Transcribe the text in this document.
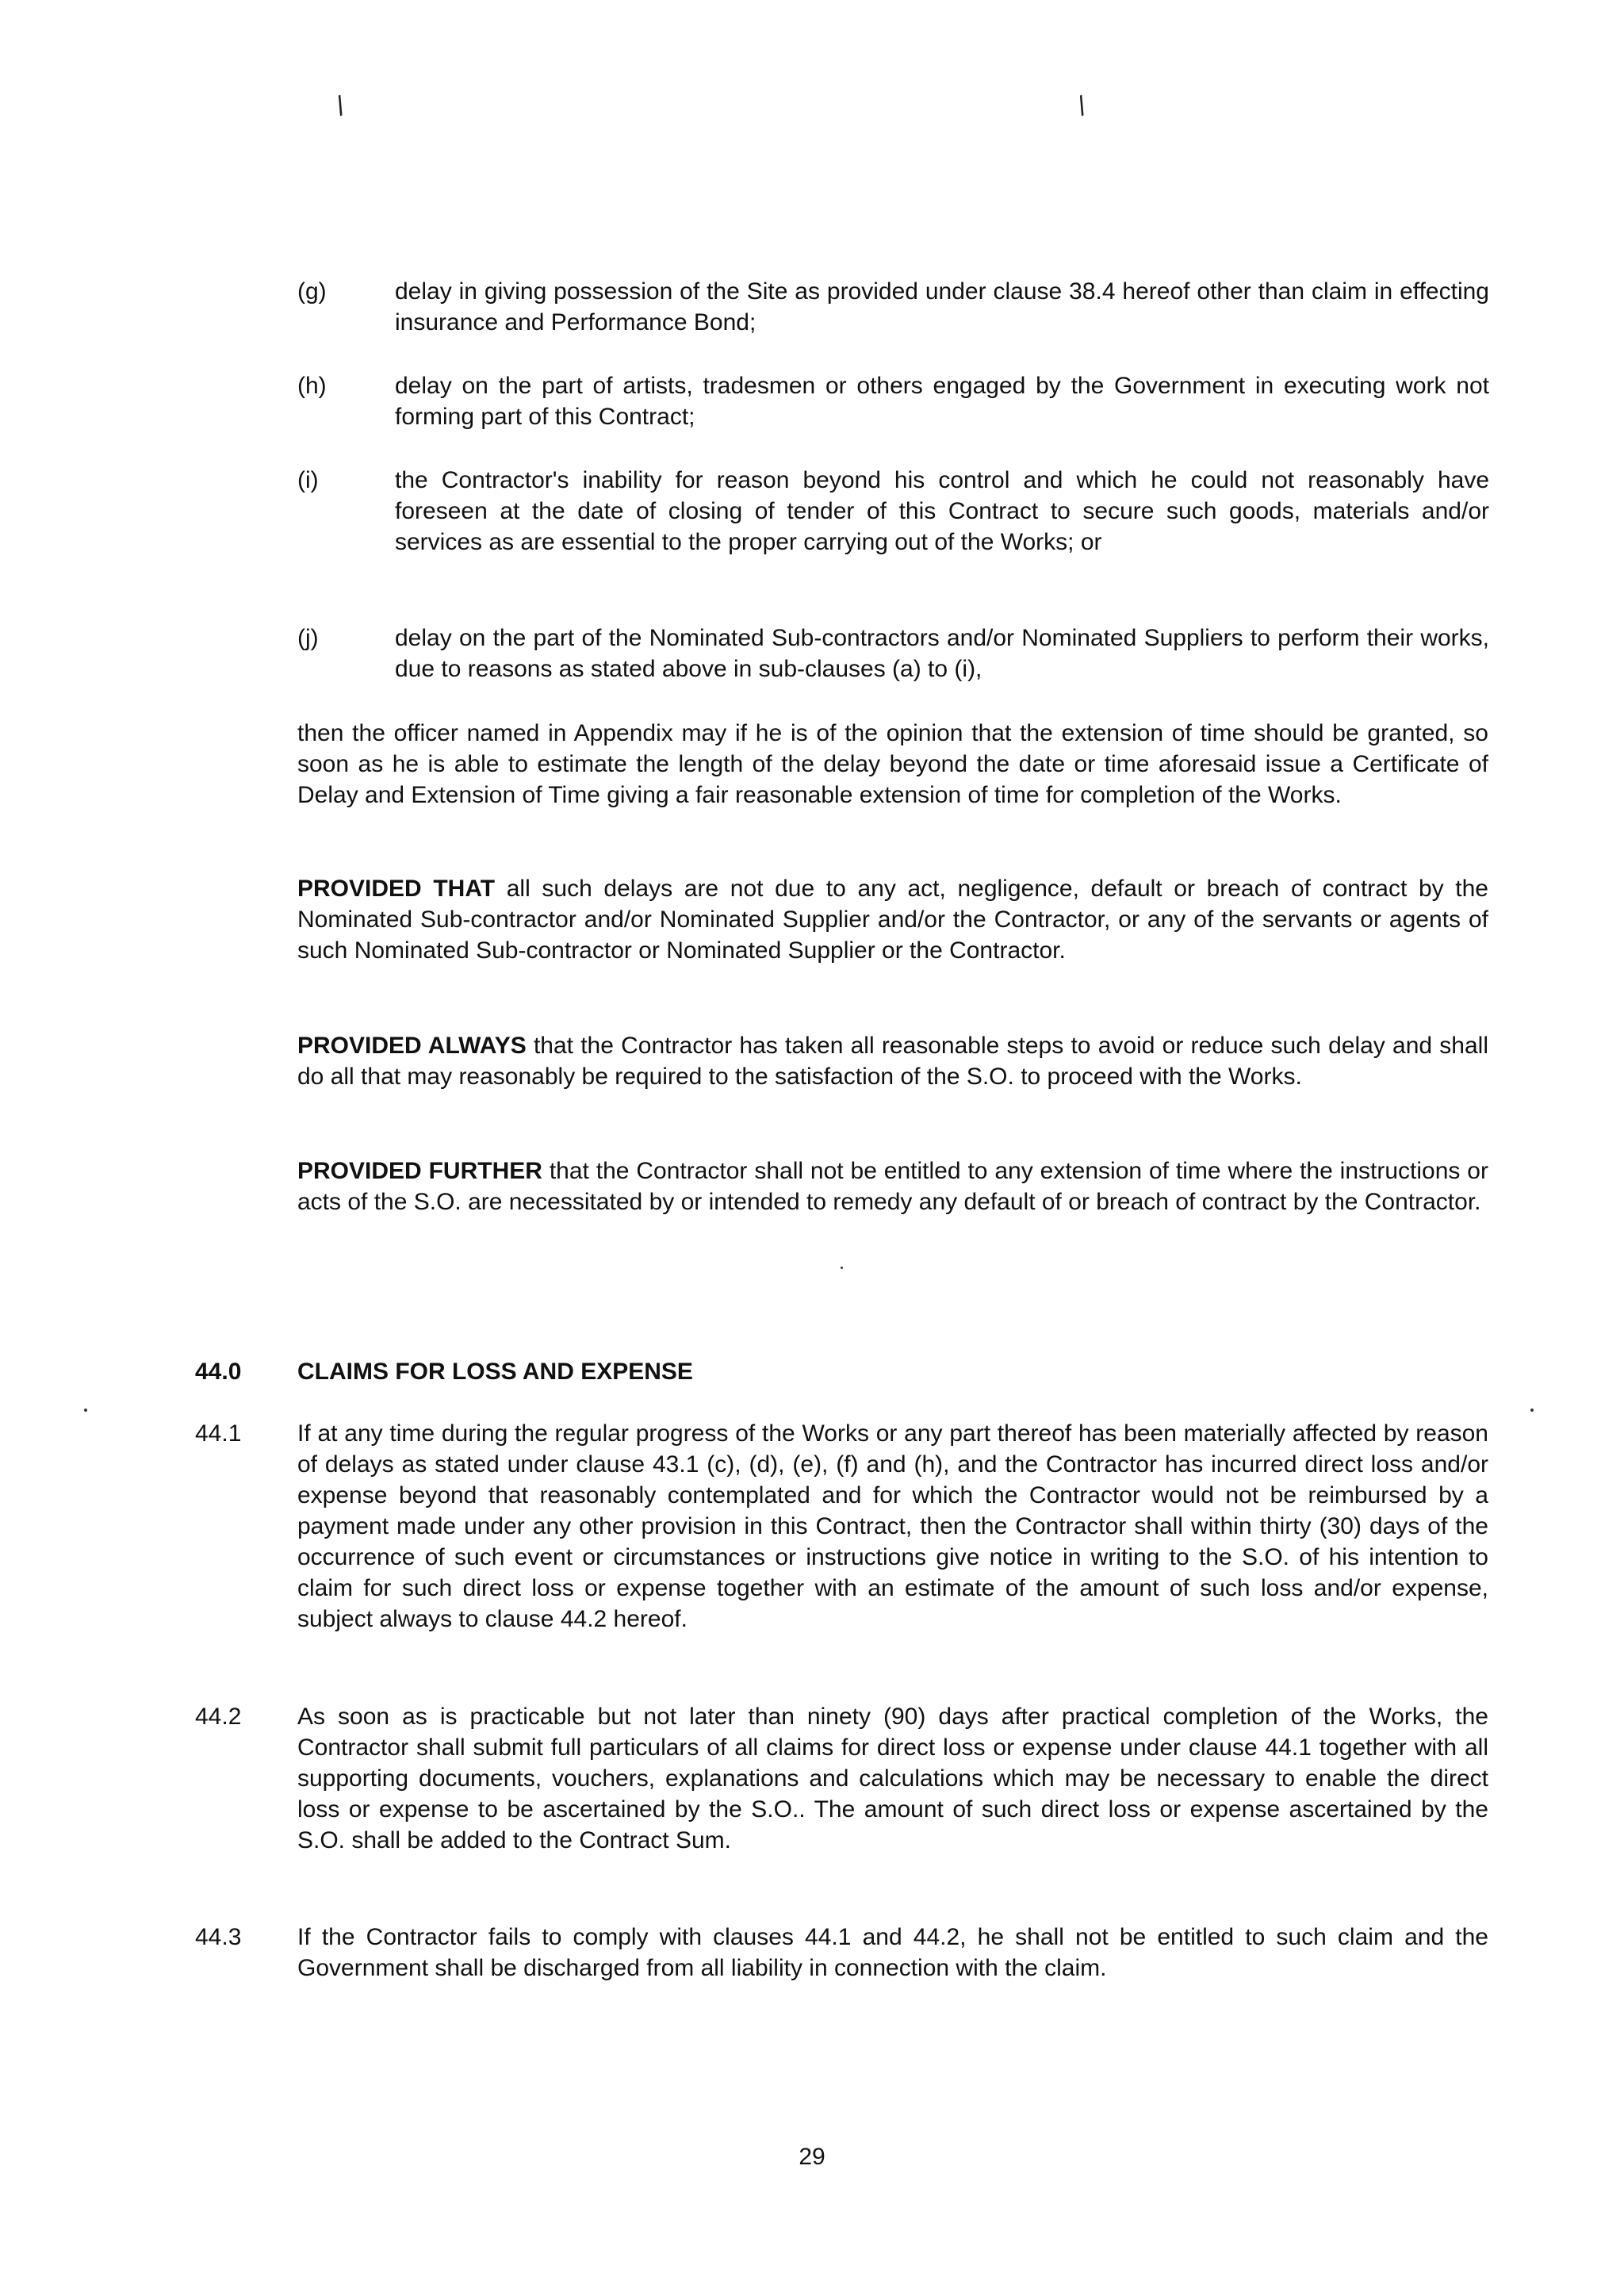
/	/
(g)	delay in giving possession of the Site as provided under clause 38.4 hereof other than claim in effecting insurance and Performance Bond;

(h)	delay on the part of artists, tradesmen or others engaged by the Government in executing work not forming part of this Contract;

(i)	the Contractor's inability for reason beyond his control and which he could not reasonably have foreseen at the date of closing of tender of this Contract to secure such goods, materials and/or services as are essential to the proper carrying out of the Works; or

(j)	delay on the part of the Nominated Sub-contractors and/or Nominated Suppliers to perform their works, due to reasons as stated above in sub-clauses (a) to (i),

then the officer named in Appendix may if he is of the opinion that the extension of time should be granted, so soon as he is able to estimate the length of the delay beyond the date or time aforesaid issue a Certificate of Delay and Extension of Time giving a fair reasonable extension of time for completion of the Works.

PROVIDED THAT all such delays are not due to any act, negligence, default or breach of contract by the Nominated Sub-contractor and/or Nominated Supplier and/or the Contractor, or any of the servants or agents of such Nominated Sub-contractor or Nominated Supplier or the Contractor.

PROVIDED ALWAYS that the Contractor has taken all reasonable steps to avoid or reduce such delay and shall do all that may reasonably be required to the satisfaction of the S.O. to proceed with the Works.

PROVIDED FURTHER that the Contractor shall not be entitled to any extension of time where the instructions or acts of the S.O. are necessitated by or intended to remedy any default of or breach of contract by the Contractor.

44.0 CLAIMS FOR LOSS AND EXPENSE
44.1 If at any time during the regular progress of the Works or any part thereof has been materially affected by reason of delays as stated under clause 43.1 (c), (d), (e), (f) and (h), and the Contractor has incurred direct loss and/or expense beyond that reasonably contemplated and for which the Contractor would not be reimbursed by a payment made under any other provision in this Contract, then the Contractor shall within thirty (30) days of the occurrence of such event or circumstances or instructions give notice in writing to the S.O. of his intention to claim for such direct loss or expense together with an estimate of the amount of such loss and/or expense, subject always to clause 44.2 hereof.

44.2 As soon as is practicable but not later than ninety (90) days after practical completion of the Works, the Contractor shall submit full particulars of all claims for direct loss or expense under clause 44.1 together with all supporting documents, vouchers, explanations and calculations which may be necessary to enable the direct loss or expense to be ascertained by the S.O.. The amount of such direct loss or expense ascertained by the S.O. shall be added to the Contract Sum.

44.3 If the Contractor fails to comply with clauses 44.1 and 44.2, he shall not be entitled to such claim and the Government shall be discharged from all liability in connection with the claim.

29
